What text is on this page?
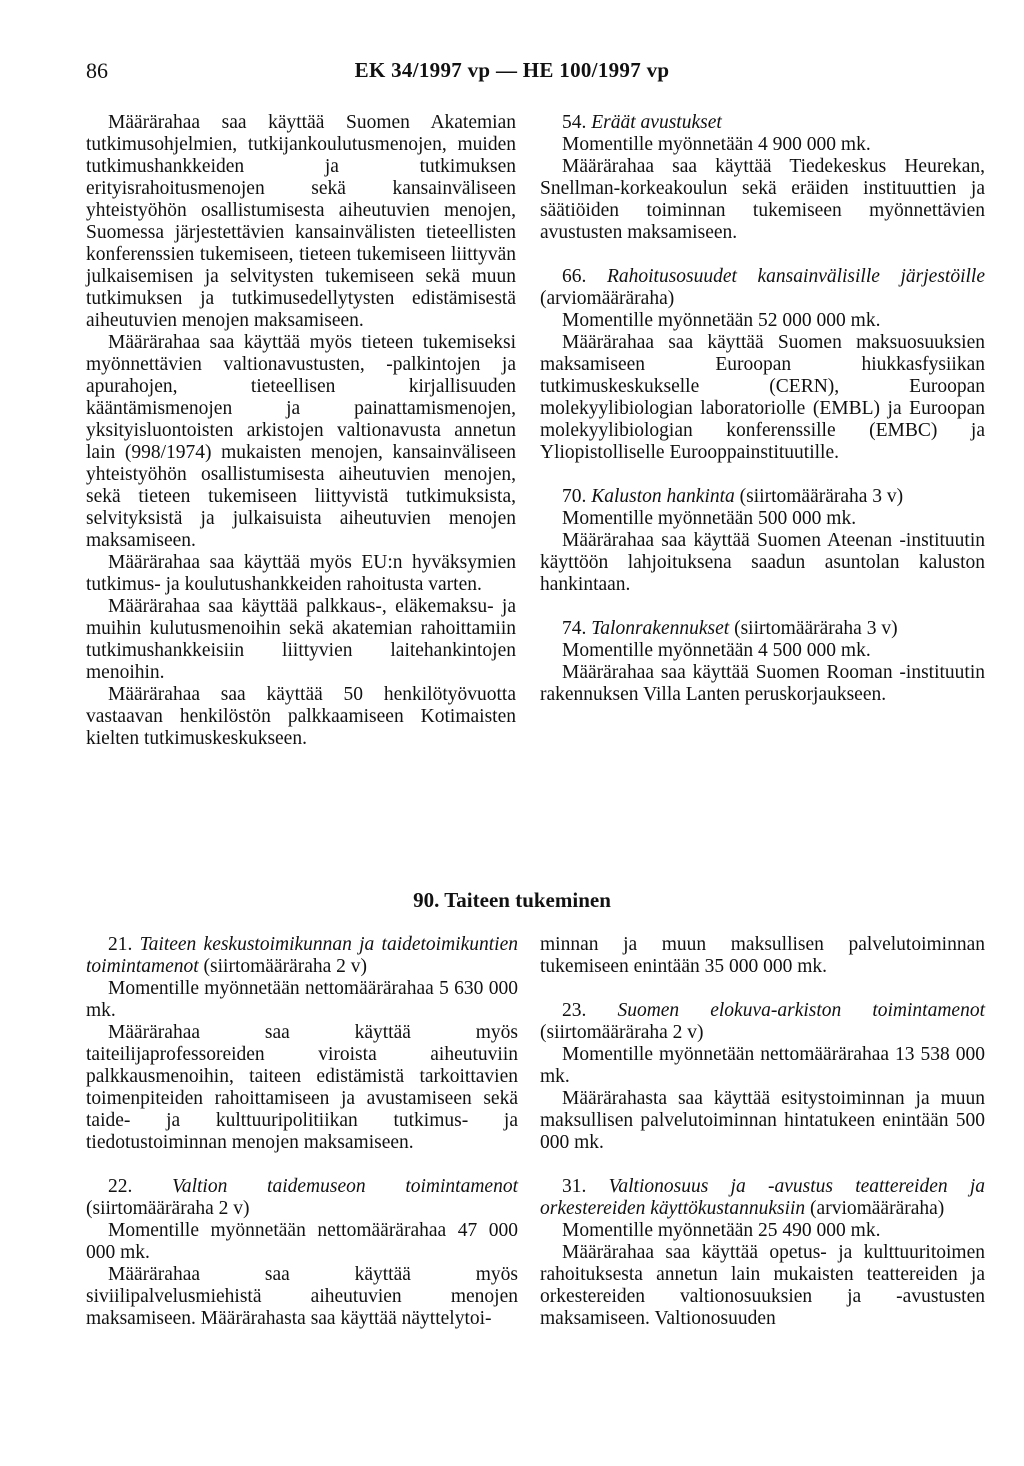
86	EK 34/1997 vp — HE 100/1997 vp

Määrärahaa saa käyttää Suomen Akatemian tutkimusohjelmien, tutkijankoulutusmenojen, muiden tutkimushankkeiden ja tutkimuksen erityisrahoitusmenojen sekä kansainväliseen yhteistyöhön osallistumisesta aiheutuvien menojen, Suomessa järjestettävien kansainvälisten tieteellisten konferenssien tukemiseen, tieteen tukemiseen liittyvän julkaisemisen ja selvitysten tukemiseen sekä muun tutkimuksen ja tutkimusedellytysten edistämisestä aiheutuvien menojen maksamiseen.

Määrärahaa saa käyttää myös tieteen tukemiseksi myönnettävien valtionavustusten, -palkintojen ja apurahojen, tieteellisen kirjallisuuden kääntämismenojen ja painattamismenojen, yksityisluontoisten arkistojen valtionavusta annetun lain (998/1974) mukaisten menojen, kansainväliseen yhteistyöhön osallistumisesta aiheutuvien menojen, sekä tieteen tukemiseen liittyvistä tutkimuksista, selvityksistä ja julkaisuista aiheutuvien menojen maksamiseen.

Määrärahaa saa käyttää myös EU:n hyväksymien tutkimus- ja koulutushankkeiden rahoitusta varten.

Määrärahaa saa käyttää palkkaus-, eläkemaksu- ja muihin kulutusmenoihin sekä akatemian rahoittamiin tutkimushankkeisiin liittyvien laitehankintojen menoihin.

Määrärahaa saa käyttää 50 henkilötyövuotta vastaavan henkilöstön palkkaamiseen Kotimaisten kielten tutkimuskeskukseen.

54. Eräät avustukset

Momentille myönnetään 4 900 000 mk.

Määrärahaa saa käyttää Tiedekeskus Heurekan, Snellman-korkeakoulun sekä eräiden instituuttien ja säätiöiden toiminnan tukemiseen myönnettävien avustusten maksamiseen.

66. Rahoitusosuudet kansainvälisille järjestöille (arviomääräraha)

Momentille myönnetään 52 000 000 mk.

Määrärahaa saa käyttää Suomen maksuosuuksien maksamiseen Euroopan hiukkasfysiikan tutkimuskeskukselle (CERN), Euroopan molekyylibiologian laboratoriolle (EMBL) ja Euroopan molekyylibiologian konferenssille (EMBC) ja Yliopistolliselle Eurooppainstituutille.

70. Kaluston hankinta (siirtomääräraha 3 v)

Momentille myönnetään 500 000 mk.

Määrärahaa saa käyttää Suomen Ateenan -instituutin käyttöön lahjoituksena saadun asuntolan kaluston hankintaan.

74. Talonrakennukset (siirtomääräraha 3 v)

Momentille myönnetään 4 500 000 mk.

Määrärahaa saa käyttää Suomen Rooman -instituutin rakennuksen Villa Lanten peruskorjaukseen.

90. Taiteen tukeminen

21. Taiteen keskustoimikunnan ja taidetoimikuntien toimintamenot (siirtomääräraha 2 v)

Momentille myönnetään nettomäärärahaa 5 630 000 mk.

Määrärahaa saa käyttää myös taiteilijaprofessoreiden viroista aiheutuviin palkkausmenoihin, taiteen edistämistä tarkoittavien toimenpiteiden rahoittamiseen ja avustamiseen sekä taide- ja kulttuuripolitiikan tutkimus- ja tiedotustoiminnan menojen maksamiseen.

22. Valtion taidemuseon toimintamenot (siirtomääräraha 2 v)

Momentille myönnetään nettomäärärahaa 47 000 000 mk.

Määrärahaa saa käyttää myös siviilipalvelusmiehistä aiheutuvien menojen maksamiseen. Määrärahasta saa käyttää näyttelytoi-

minnan ja muun maksullisen palvelutoiminnan tukemiseen enintään 35 000 000 mk.

23. Suomen elokuva-arkiston toimintamenot (siirtomääräraha 2 v)

Momentille myönnetään nettomäärärahaa 13 538 000 mk.

Määrärahasta saa käyttää esitystoiminnan ja muun maksullisen palvelutoiminnan hintatukeen enintään 500 000 mk.

31. Valtionosuus ja -avustus teattereiden ja orkestereiden käyttökustannuksiin (arviomääräraha)

Momentille myönnetään 25 490 000 mk.

Määrärahaa saa käyttää opetus- ja kulttuuritoimen rahoituksesta annetun lain mukaisten teattereiden ja orkestereiden valtionosuuksien ja -avustusten maksamiseen. Valtionosuuden
